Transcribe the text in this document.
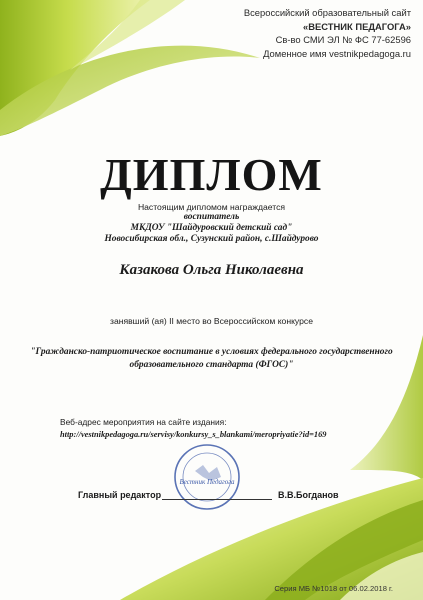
Всероссийский образовательный сайт
«ВЕСТНИК ПЕДАГОГА»
Св-во СМИ ЭЛ № ФС 77-62596
Доменное имя vestnikpedagoga.ru
ДИПЛОМ
Настоящим дипломом награждается
воспитатель
МКДОУ "Шайдуровский детский сад"
Новосибирская обл., Сузунский район, с.Шайдурово
Казакова Ольга Николаевна
занявший (ая) II место во Всероссийском конкурсе
"Гражданско-патриотическое воспитание в условиях федерального государственного образовательного стандарта (ФГОС)"
Веб-адрес мероприятия на сайте издания:
http://vestnikpedagoga.ru/servisy/konkursy_s_blankami/meropriyatie?id=169
Вестник Педагога
Главный редактор	В.В.Богданов
Серия МБ №1018 от 06.02.2018 г.
